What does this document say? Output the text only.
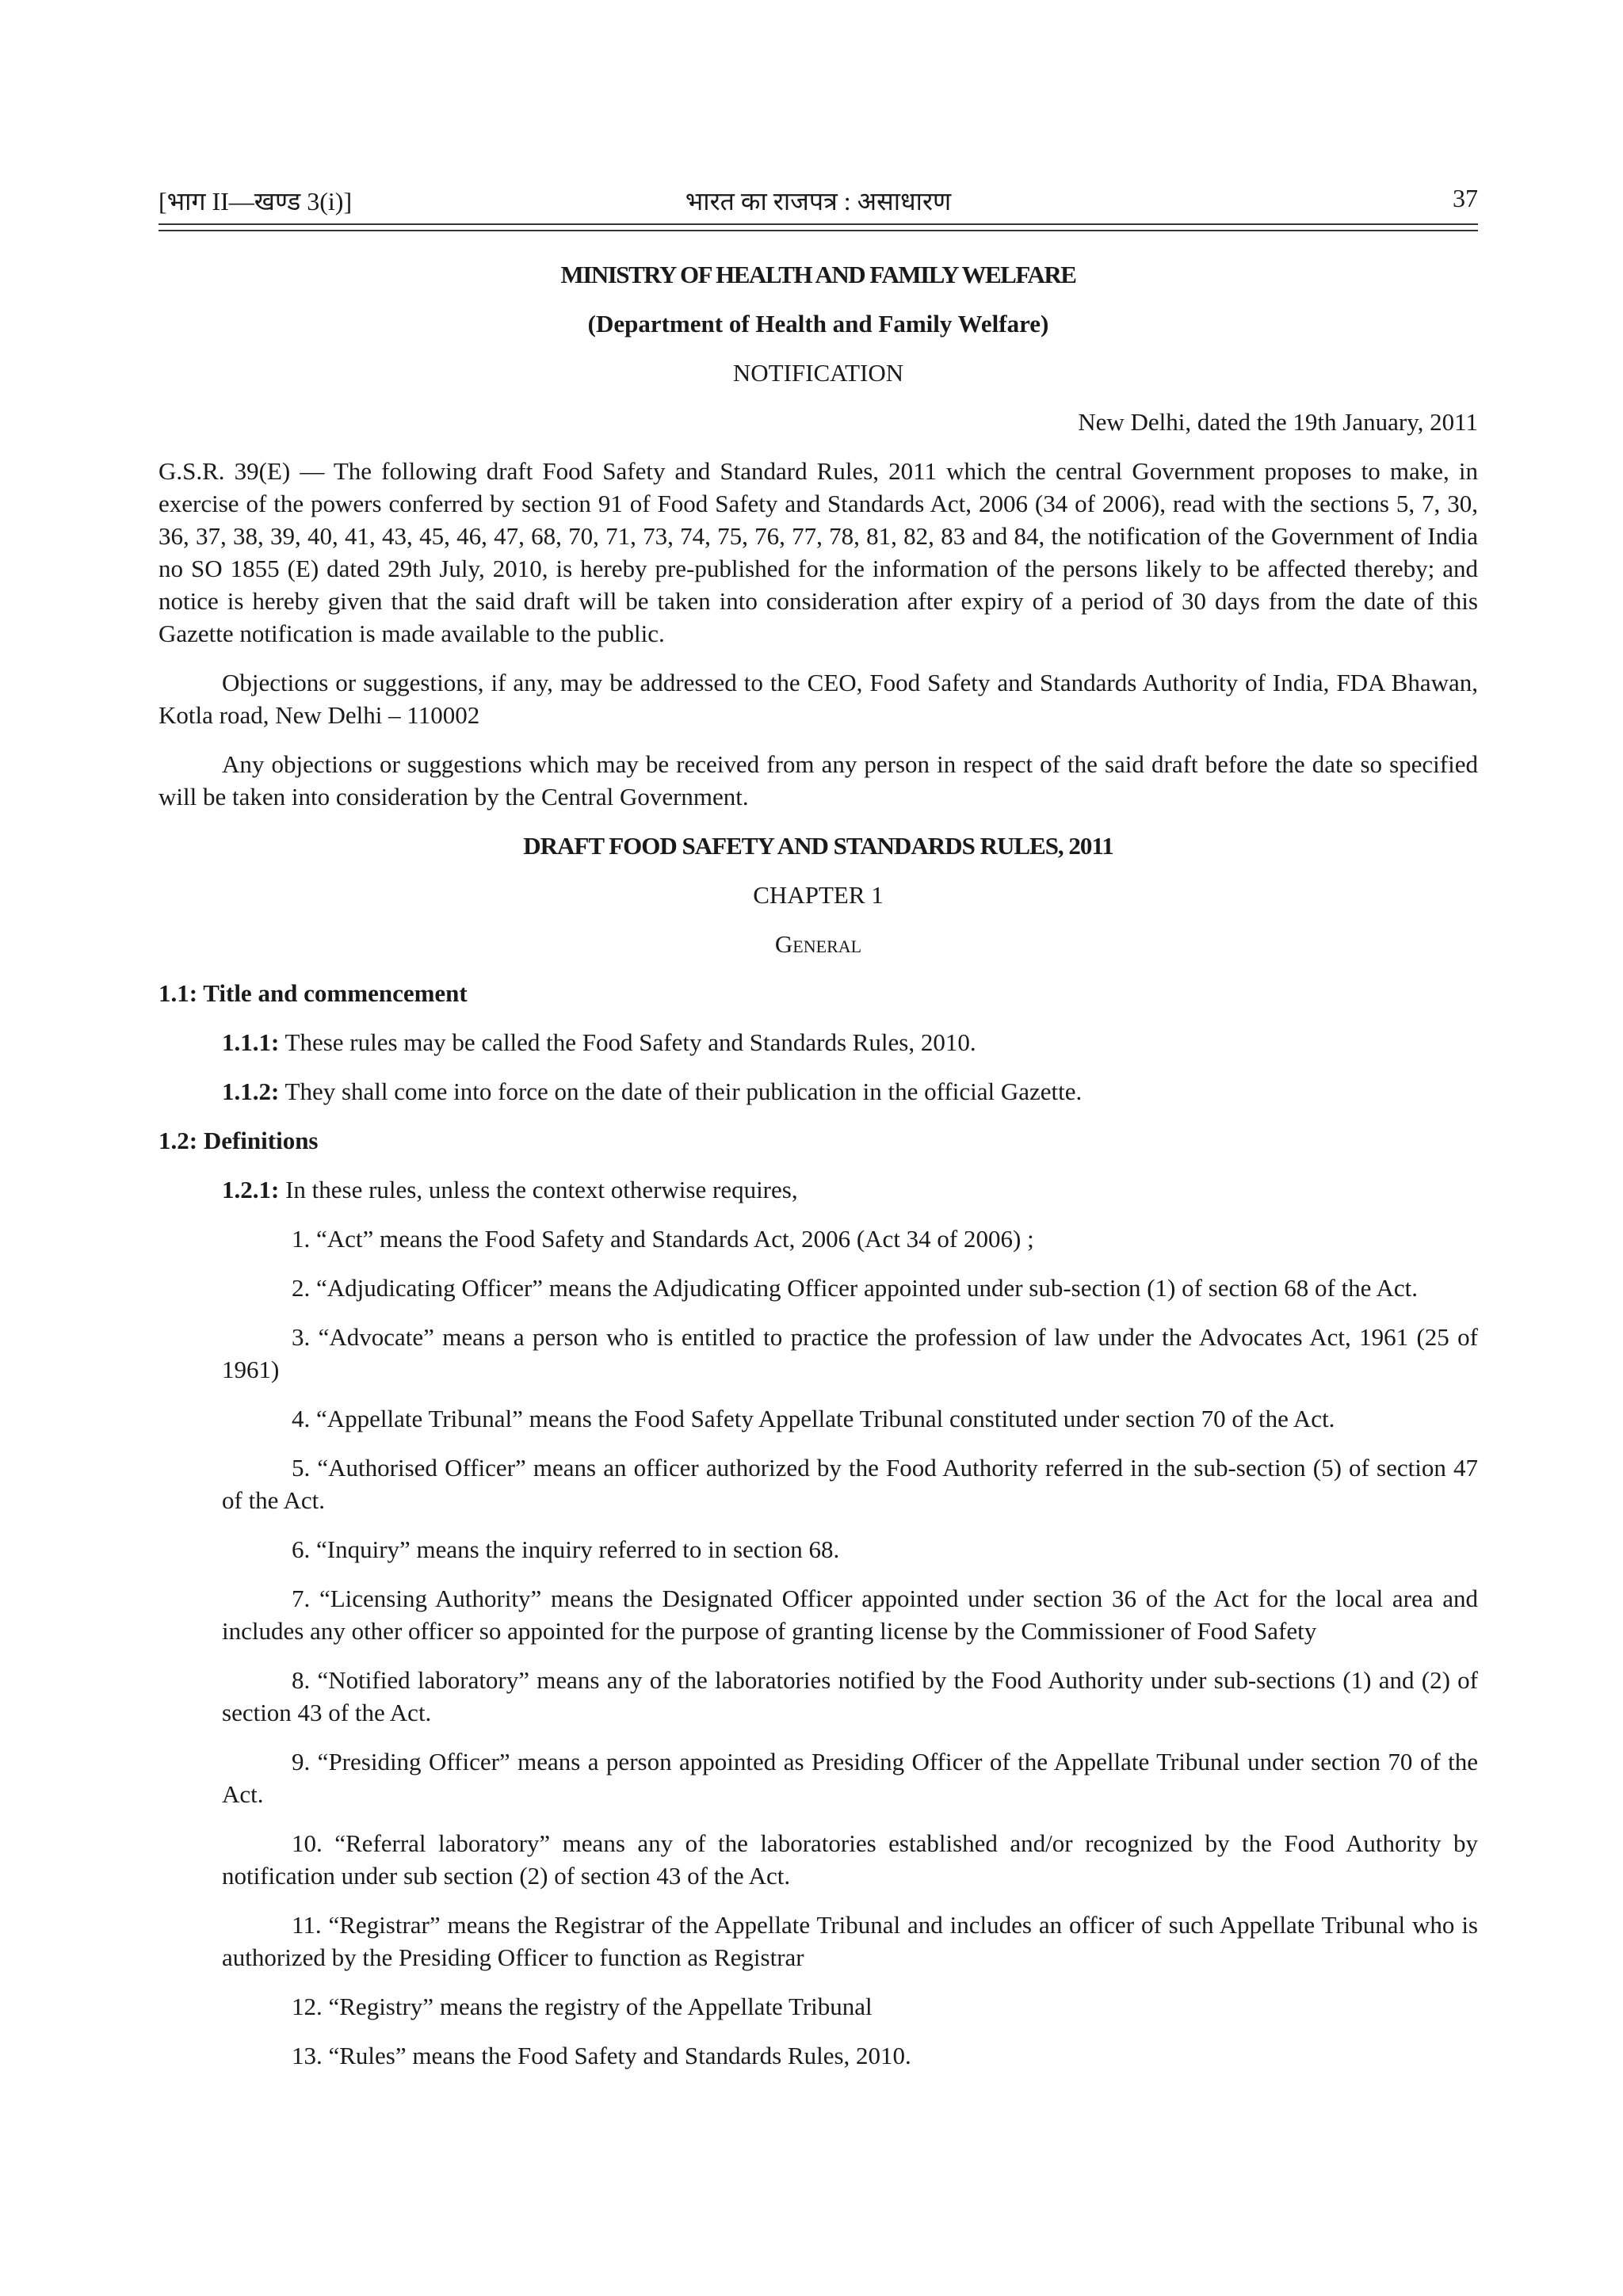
[भाग II—खण्ड 3(i)]	भारत का राजपत्र : असाधारण	37

MINISTRY OF HEALTH AND FAMILY WELFARE

(Department of Health and Family Welfare)

NOTIFICATION

New Delhi, dated the 19th January, 2011

G.S.R. 39(E) — The following draft Food Safety and Standard Rules, 2011 which the central Government proposes to make, in exercise of the powers conferred by section 91 of Food Safety and Standards Act, 2006 (34 of 2006), read with the sections 5, 7, 30, 36, 37, 38, 39, 40, 41, 43, 45, 46, 47, 68, 70, 71, 73, 74, 75, 76, 77, 78, 81, 82, 83 and 84, the notification of the Government of India no SO 1855 (E) dated 29th July, 2010, is hereby pre-published for the information of the persons likely to be affected thereby; and notice is hereby given that the said draft will be taken into consideration after expiry of a period of 30 days from the date of this Gazette notification is made available to the public.

Objections or suggestions, if any, may be addressed to the CEO, Food Safety and Standards Authority of India, FDA Bhawan, Kotla road, New Delhi – 110002

Any objections or suggestions which may be received from any person in respect of the said draft before the date so specified will be taken into consideration by the Central Government.

DRAFT FOOD SAFETY AND STANDARDS RULES, 2011

CHAPTER 1

General

1.1: Title and commencement

1.1.1: These rules may be called the Food Safety and Standards Rules, 2010.

1.1.2: They shall come into force on the date of their publication in the official Gazette.

1.2: Definitions

1.2.1: In these rules, unless the context otherwise requires,

1. “Act” means the Food Safety and Standards Act, 2006 (Act 34 of 2006) ;

2. “Adjudicating Officer” means the Adjudicating Officer appointed under sub-section (1) of section 68 of the Act.

3. “Advocate” means a person who is entitled to practice the profession of law under the Advocates Act, 1961 (25 of 1961)

4. “Appellate Tribunal” means the Food Safety Appellate Tribunal constituted under section 70 of the Act.

5. “Authorised Officer” means an officer authorized by the Food Authority referred in the sub-section (5) of section 47 of the Act.

6. “Inquiry” means the inquiry referred to in section 68.

7. “Licensing Authority” means the Designated Officer appointed under section 36 of the Act for the local area and includes any other officer so appointed for the purpose of granting license by the Commissioner of Food Safety

8. “Notified laboratory” means any of the laboratories notified by the Food Authority under sub-sections (1) and (2) of section 43 of the Act.

9. “Presiding Officer” means a person appointed as Presiding Officer of the Appellate Tribunal under section 70 of the Act.

10. “Referral laboratory” means any of the laboratories established and/or recognized by the Food Authority by notification under sub section (2) of section 43 of the Act.

11. “Registrar” means the Registrar of the Appellate Tribunal and includes an officer of such Appellate Tribunal who is authorized by the Presiding Officer to function as Registrar

12. “Registry” means the registry of the Appellate Tribunal

13. “Rules” means the Food Safety and Standards Rules, 2010.
